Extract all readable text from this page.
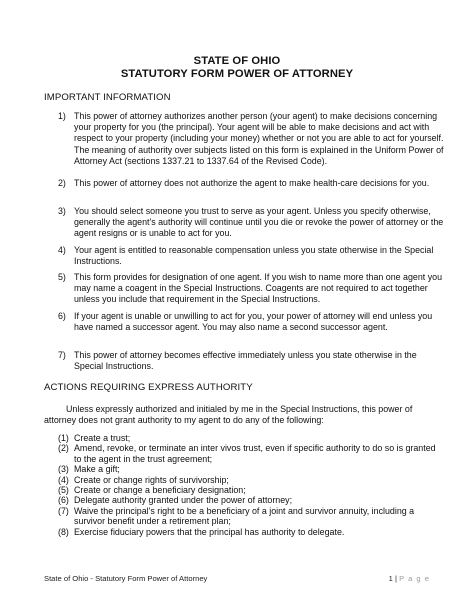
STATE OF OHIO
STATUTORY FORM POWER OF ATTORNEY
IMPORTANT INFORMATION
1) This power of attorney authorizes another person (your agent) to make decisions concerning your property for you (the principal). Your agent will be able to make decisions and act with respect to your property (including your money) whether or not you are able to act for yourself. The meaning of authority over subjects listed on this form is explained in the Uniform Power of Attorney Act (sections 1337.21 to 1337.64 of the Revised Code).
2) This power of attorney does not authorize the agent to make health-care decisions for you.
3) You should select someone you trust to serve as your agent. Unless you specify otherwise, generally the agent's authority will continue until you die or revoke the power of attorney or the agent resigns or is unable to act for you.
4) Your agent is entitled to reasonable compensation unless you state otherwise in the Special Instructions.
5) This form provides for designation of one agent. If you wish to name more than one agent you may name a coagent in the Special Instructions. Coagents are not required to act together unless you include that requirement in the Special Instructions.
6) If your agent is unable or unwilling to act for you, your power of attorney will end unless you have named a successor agent. You may also name a second successor agent.
7) This power of attorney becomes effective immediately unless you state otherwise in the Special Instructions.
ACTIONS REQUIRING EXPRESS AUTHORITY
Unless expressly authorized and initialed by me in the Special Instructions, this power of attorney does not grant authority to my agent to do any of the following:
(1) Create a trust;
(2) Amend, revoke, or terminate an inter vivos trust, even if specific authority to do so is granted to the agent in the trust agreement;
(3) Make a gift;
(4) Create or change rights of survivorship;
(5) Create or change a beneficiary designation;
(6) Delegate authority granted under the power of attorney;
(7) Waive the principal's right to be a beneficiary of a joint and survivor annuity, including a survivor benefit under a retirement plan;
(8) Exercise fiduciary powers that the principal has authority to delegate.
State of Ohio - Statutory Form Power of Attorney	1 | P a g e
